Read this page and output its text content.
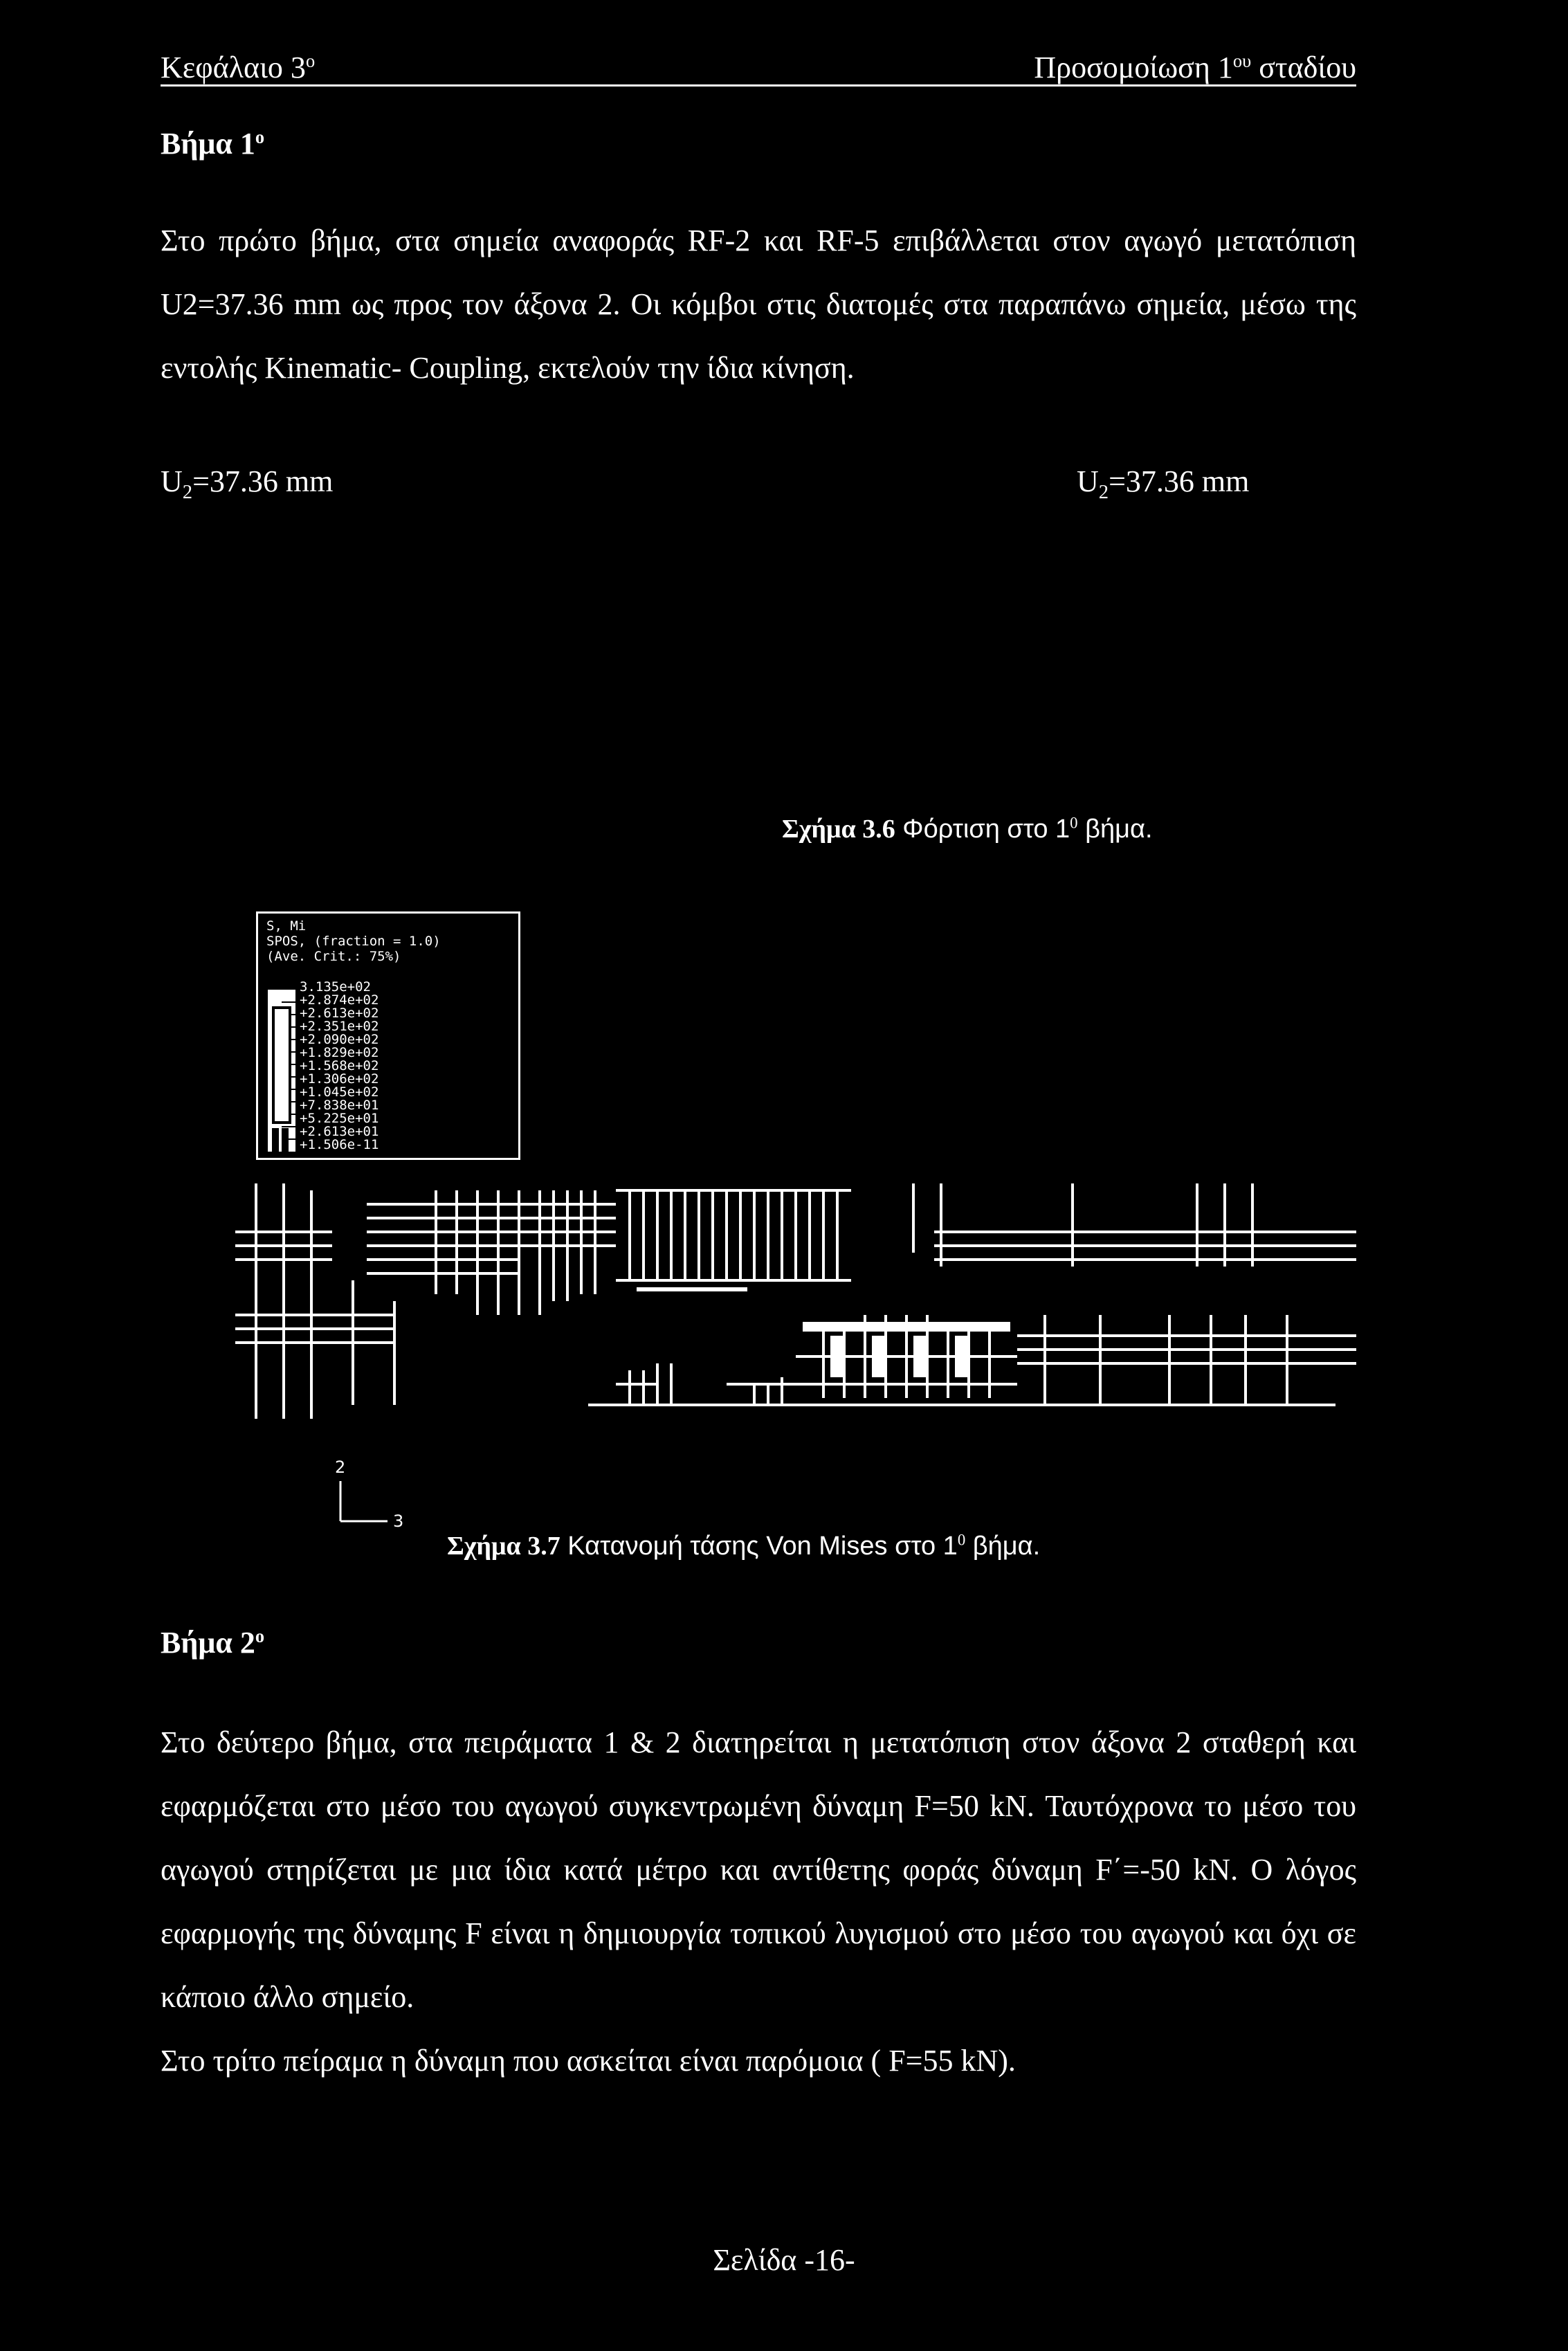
Κεφάλαιο $3^o$	Προσομοίωση $1^{o\upsilon}$ σταδίου
Βήμα $1^o$

Στο πρώτο βήμα, στα σημεία αναφοράς RF-2 και RF-5 επιβάλλεται στον αγωγό μετατόπιση U2=37.36 mm ως προς τον άξονα 2. Οι κόμβοι στις διατομές στα παραπάνω σημεία, μέσω της εντολής Kinematic- Coupling, εκτελούν την ίδια κίνηση.

$U_2=37.36$ mm	$U_2=37.36$ mm
Σχήμα 3.6 Φόρτιση στο $1^0$ βήμα.
S, Mi
SPOS, (fraction = 1.0)
(Ave. Crit.: 75%)
3.135e+02
+2.874e+02
+2.613e+02
+2.351e+02
+2.090e+02
+1.829e+02
+1.568e+02
+1.306e+02
+1.045e+02
+7.838e+01
+5.225e+01
+2.613e+01
+1.506e-11
2
3
Σχήμα 3.7 Κατανομή τάσης Von Mises στο $1^0$ βήμα.
Βήμα $2^o$

Στο δεύτερο βήμα, στα πειράματα 1 & 2 διατηρείται η μετατόπιση στον άξονα 2 σταθερή και εφαρμόζεται στο μέσο του αγωγού συγκεντρωμένη δύναμη F=50 kN. Ταυτόχρονα το μέσο του αγωγού στηρίζεται με μια ίδια κατά μέτρο και αντίθετης φοράς δύναμη F΄=-50 kN. Ο λόγος εφαρμογής της δύναμης F είναι η δημιουργία τοπικού λυγισμού στο μέσο του αγωγού και όχι σε κάποιο άλλο σημείο.

Στο τρίτο πείραμα η δύναμη που ασκείται είναι παρόμοια ( F=55 kN).

Σελίδα -16-
